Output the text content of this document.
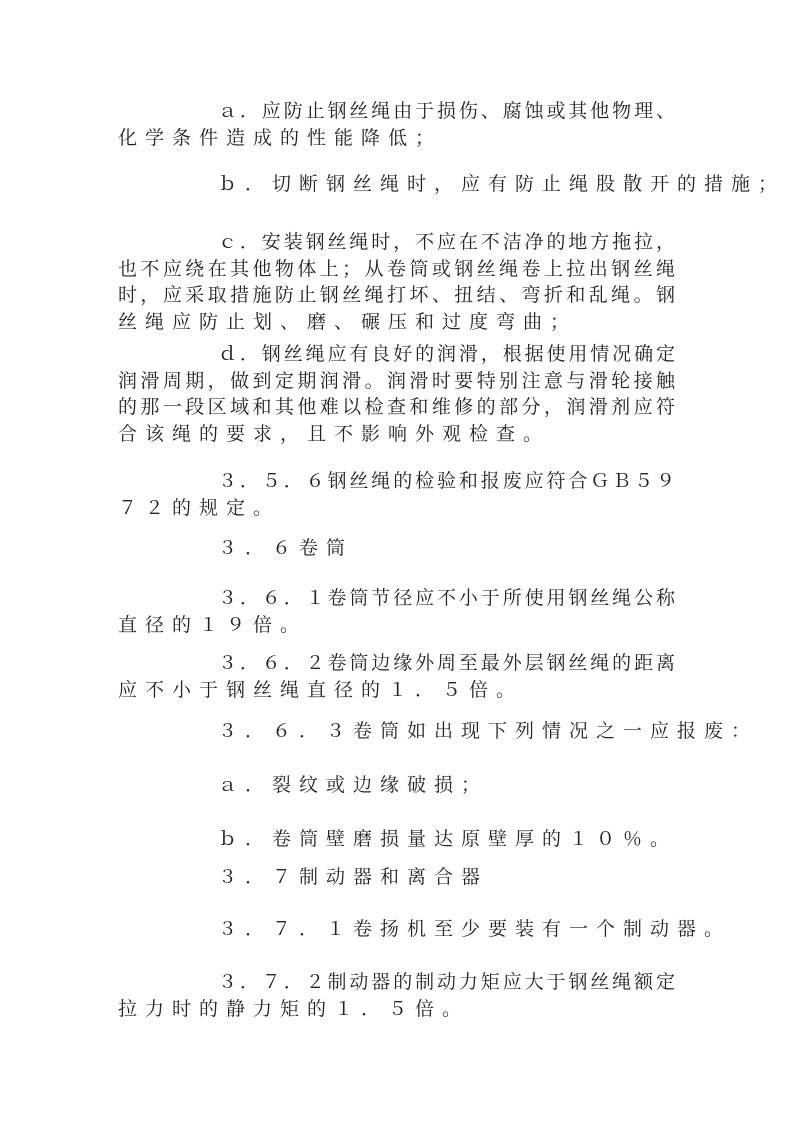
ａ．应防止钢丝绳由于损伤、腐蚀或其他物理、
化学条件造成的性能降低；
ｂ．切断钢丝绳时，应有防止绳股散开的措施；
ｃ．安装钢丝绳时，不应在不洁净的地方拖拉，
也不应绕在其他物体上；从卷筒或钢丝绳卷上拉出钢丝绳
时，应采取措施防止钢丝绳打坏、扭结、弯折和乱绳。钢
丝绳应防止划、磨、碾压和过度弯曲；
ｄ．钢丝绳应有良好的润滑，根据使用情况确定
润滑周期，做到定期润滑。润滑时要特别注意与滑轮接触
的那一段区域和其他难以检查和维修的部分，润滑剂应符
合该绳的要求，且不影响外观检查。
３．５．６钢丝绳的检验和报废应符合ＧＢ５９
７２的规定。
３．６卷筒
３．６．１卷筒节径应不小于所使用钢丝绳公称
直径的１９倍。
３．６．２卷筒边缘外周至最外层钢丝绳的距离
应不小于钢丝绳直径的１．５倍。
３．６．３卷筒如出现下列情况之一应报废：
ａ．裂纹或边缘破损；
ｂ．卷筒壁磨损量达原壁厚的１０％。
３．７制动器和离合器
３．７．１卷扬机至少要装有一个制动器。
３．７．２制动器的制动力矩应大于钢丝绳额定
拉力时的静力矩的１．５倍。
